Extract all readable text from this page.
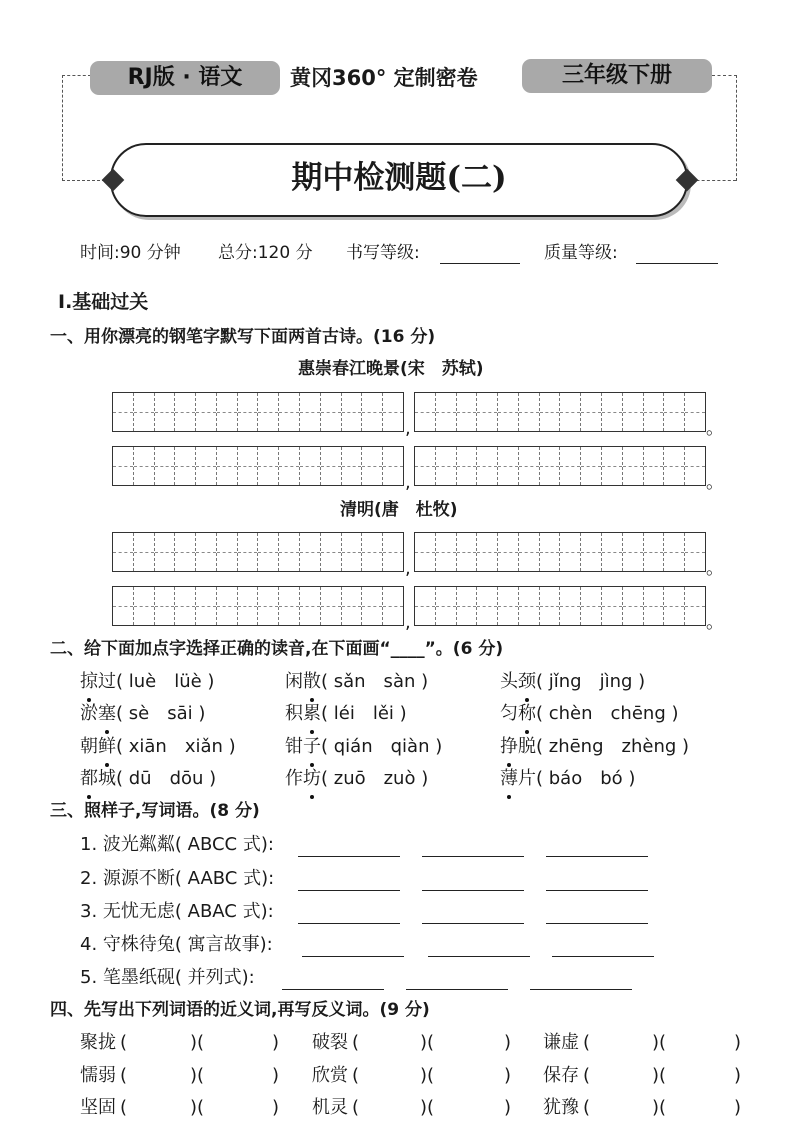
RJ版 · 语文	黄冈360° 定制密卷	三年级下册
期中检测题(二)
时间:90 分钟 总分:120 分 书写等级:	质量等级:
Ⅰ.基础过关
一、用你漂亮的钢笔字默写下面两首古诗。(16 分)
惠崇春江晚景(宋　苏轼)
,	。
,	。
清明(唐　杜牧)
,	。
,	。
二、给下面加点字选择正确的读音,在下面画“____”。(6 分)
掠过( luè　lüè )	闲散( sǎn　sàn )	头颈( jǐng　jìng )
淤塞( sè　sāi )	积累( léi　lěi )	匀称( chèn　chēng )
朝鲜( xiān　xiǎn )	钳子( qián　qiàn )	挣脱( zhēng　zhèng )
都城( dū　dōu )	作坊( zuō　zuò )	薄片( báo　bó )
三、照样子,写词语。(8 分)
1. 波光粼粼( ABCC 式):
2. 源源不断( AABC 式):
3. 无忧无虑( ABAC 式):
4. 守株待兔( 寓言故事):
5. 笔墨纸砚( 并列式):
四、先写出下列词语的近义词,再写反义词。(9 分)
聚拢 (	)(	) 破裂 (	)(	) 谦虚 (	)(	)
懦弱 (	)(	) 欣赏 (	)(	) 保存 (	)(	)
坚固 (	)(	) 机灵 (	)(	) 犹豫 (	)(	)
